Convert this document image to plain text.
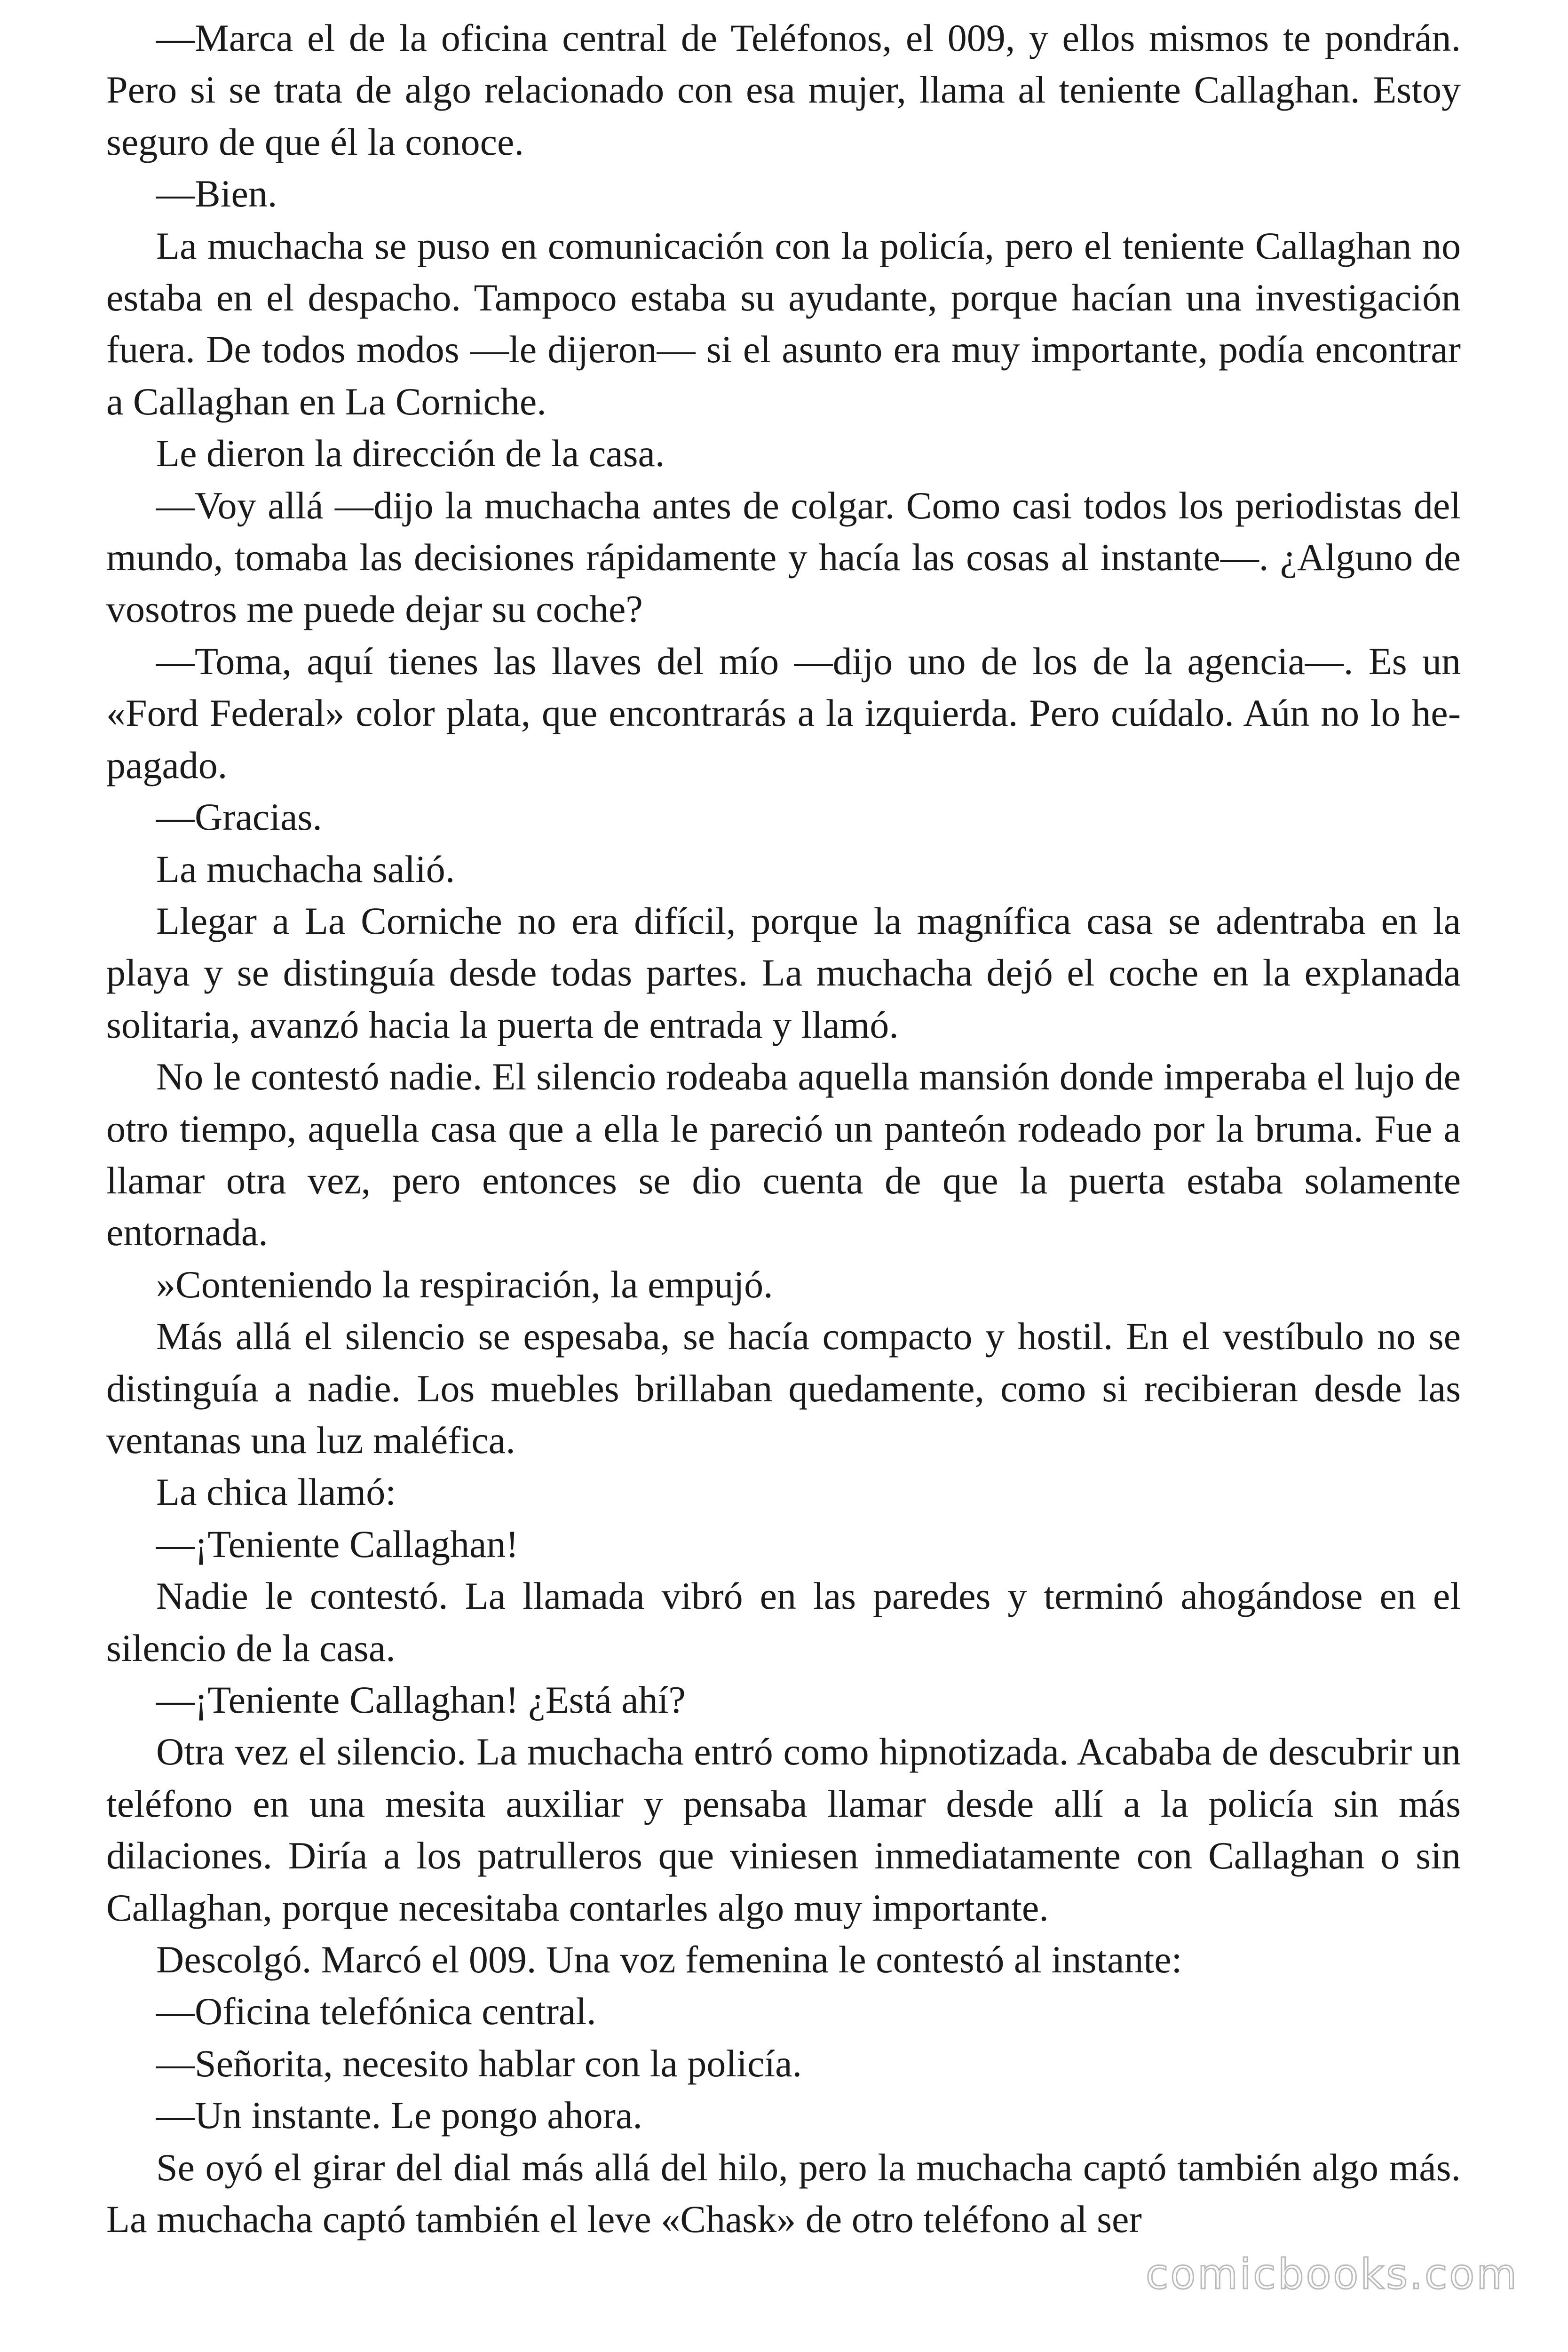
—Marca el de la oficina central de Teléfonos, el 009, y ellos mismos te pondrán. Pero si se trata de algo relacionado con esa mujer, llama al teniente Callaghan. Estoy seguro de que él la conoce.

—Bien.

La muchacha se puso en comunicación con la policía, pero el teniente Callaghan no estaba en el despacho. Tampoco estaba su ayudante, porque hacían una investigación fuera. De todos modos —le dijeron— si el asunto era muy importante, podía encontrar a Callaghan en La Corniche.

Le dieron la dirección de la casa.

—Voy allá —dijo la muchacha antes de colgar. Como casi todos los periodistas del mundo, tomaba las decisiones rápidamente y hacía las cosas al instante—. ¿Alguno de vosotros me puede dejar su coche?

—Toma, aquí tienes las llaves del mío —dijo uno de los de la agencia—. Es un «Ford Federal» color plata, que encontrarás a la izquierda. Pero cuídalo. Aún no lo he- pagado.

—Gracias.

La muchacha salió.

Llegar a La Corniche no era difícil, porque la magnífica casa se adentraba en la playa y se distinguía desde todas partes. La muchacha dejó el coche en la explanada solitaria, avanzó hacia la puerta de entrada y llamó.

No le contestó nadie. El silencio rodeaba aquella mansión donde imperaba el lujo de otro tiempo, aquella casa que a ella le pareció un panteón rodeado por la bruma. Fue a llamar otra vez, pero entonces se dio cuenta de que la puerta estaba solamente entornada.

»Conteniendo la respiración, la empujó.

Más allá el silencio se espesaba, se hacía compacto y hostil. En el vestíbulo no se distinguía a nadie. Los muebles brillaban quedamente, como si recibieran desde las ventanas una luz maléfica.

La chica llamó:

—¡Teniente Callaghan!

Nadie le contestó. La llamada vibró en las paredes y terminó ahogándose en el silencio de la casa.

—¡Teniente Callaghan! ¿Está ahí?

Otra vez el silencio. La muchacha entró como hipnotizada. Acababa de descubrir un teléfono en una mesita auxiliar y pensaba llamar desde allí a la policía sin más dilaciones. Diría a los patrulleros que viniesen inmediatamente con Callaghan o sin Callaghan, porque necesitaba contarles algo muy importante.

Descolgó. Marcó el 009. Una voz femenina le contestó al instante:

—Oficina telefónica central.

—Señorita, necesito hablar con la policía.

—Un instante. Le pongo ahora.

Se oyó el girar del dial más allá del hilo, pero la muchacha captó también algo más. La muchacha captó también el leve «Chask» de otro teléfono al ser

comicbooks.com
